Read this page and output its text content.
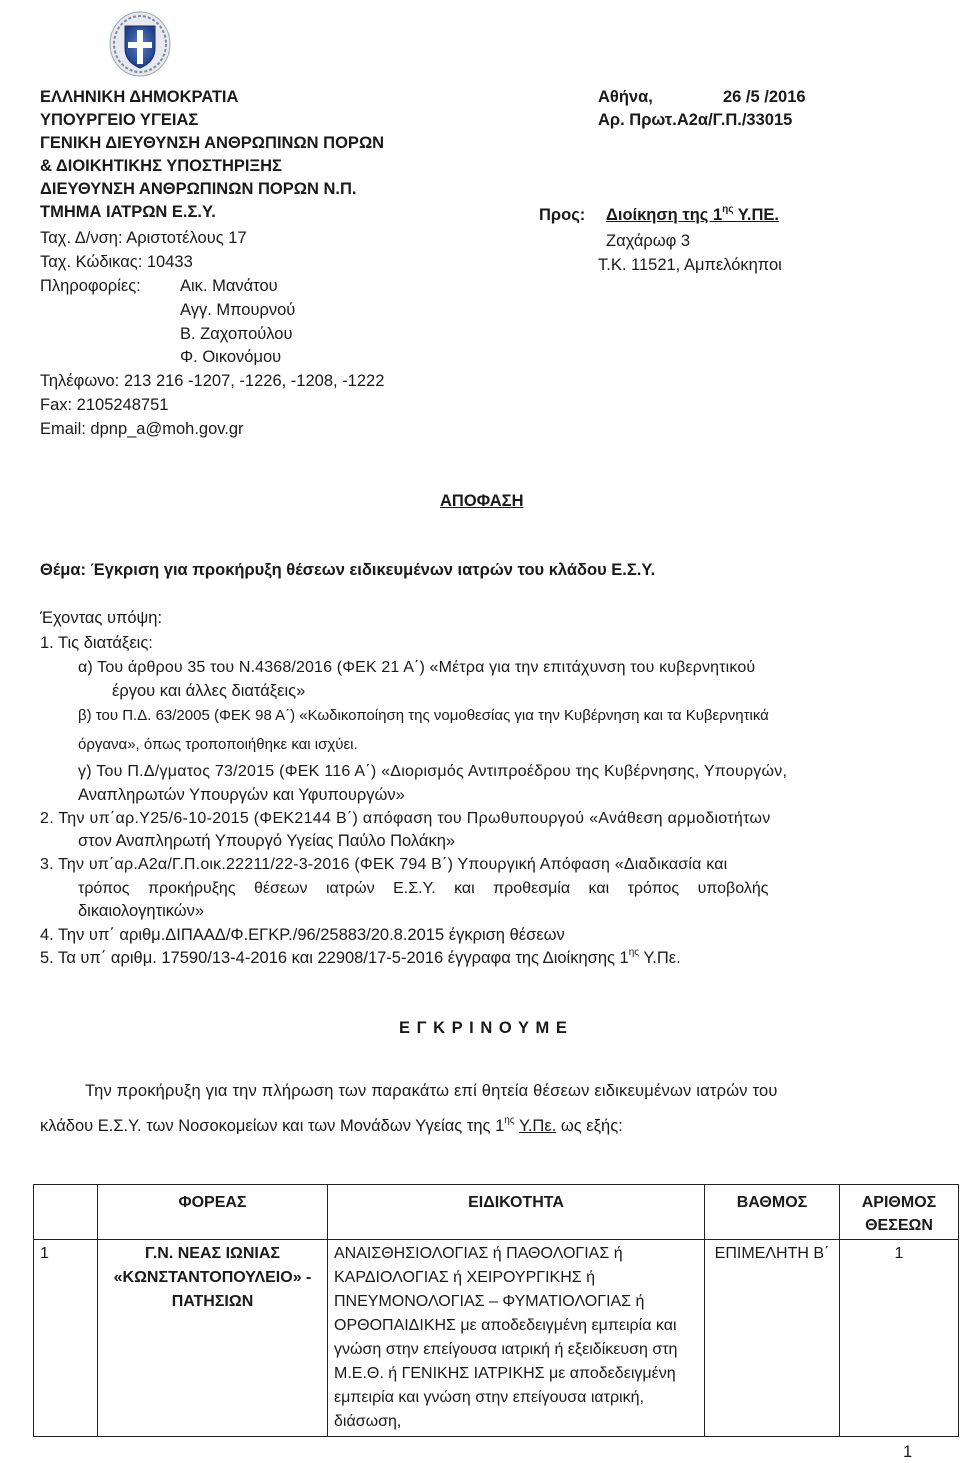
ΕΛΛΗΝΙΚΗ ΔΗΜΟΚΡΑΤΙΑ
ΥΠΟΥΡΓΕΙΟ ΥΓΕΙΑΣ
ΓΕΝΙΚΗ ΔΙΕΥΘΥΝΣΗ ΑΝΘΡΩΠΙΝΩΝ ΠΟΡΩΝ
& ΔΙΟΙΚΗΤΙΚΗΣ ΥΠΟΣΤΗΡΙΞΗΣ
ΔΙΕΥΘΥΝΣΗ ΑΝΘΡΩΠΙΝΩΝ ΠΟΡΩΝ Ν.Π.
ΤΜΗΜΑ ΙΑΤΡΩΝ Ε.Σ.Υ.
Ταχ. Δ/νση: Αριστοτέλους 17
Ταχ. Κώδικας: 10433
Πληροφορίες: Αικ. Μανάτου
Αγγ. Μπουρνού
Β. Ζαχοπούλου
Φ. Οικονόμου
Τηλέφωνο: 213 216 -1207, -1226, -1208, -1222
Fax: 2105248751
Email: dpnp_a@moh.gov.gr
Αθήνα,	26 /5 /2016
Αρ. Πρωτ.Α2α/Γ.Π./33015
Προς: Διοίκηση της $1^{\eta\varsigma}$ Υ.ΠΕ.
Ζαχάρωφ 3
Τ.Κ. 11521, Αμπελόκηποι
ΑΠΟΦΑΣΗ
Θέμα: Έγκριση για προκήρυξη θέσεων ειδικευμένων ιατρών του κλάδου Ε.Σ.Υ.
Έχοντας υπόψη:
1. Τις διατάξεις:
α) Του άρθρου 35 του Ν.4368/2016 (ΦΕΚ 21 Α΄) «Μέτρα για την επιτάχυνση του κυβερνητικού
έργου και άλλες διατάξεις»
β) του Π.Δ. 63/2005 (ΦΕΚ 98 Α΄) «Κωδικοποίηση της νομοθεσίας για την Κυβέρνηση και τα Κυβερνητικά
όργανα», όπως τροποποιήθηκε και ισχύει.
γ) Του Π.Δ/γματος 73/2015 (ΦΕΚ 116 Α΄) «Διορισμός Αντιπροέδρου της Κυβέρνησης, Υπουργών,
Αναπληρωτών Υπουργών και Υφυπουργών»
2. Την υπ΄αρ.Υ25/6-10-2015 (ΦΕΚ2144 Β΄) απόφαση του Πρωθυπουργού «Ανάθεση αρμοδιοτήτων
στον Αναπληρωτή Υπουργό Υγείας Παύλο Πολάκη»
3. Την υπ΄αρ.Α2α/Γ.Π.οικ.22211/22-3-2016 (ΦΕΚ 794 Β΄) Υπουργική Απόφαση «Διαδικασία και
τρόπος προκήρυξης θέσεων ιατρών Ε.Σ.Υ. και προθεσμία και τρόπος υποβολής
δικαιολογητικών»
4. Την υπ΄ αριθμ.ΔΙΠΑΑΔ/Φ.ΕΓΚΡ./96/25883/20.8.2015 έγκριση θέσεων
5. Τα υπ΄ αριθμ. 17590/13-4-2016 και 22908/17-5-2016 έγγραφα της Διοίκησης $1^{\eta\varsigma}$ Υ.Πε.
Ε Γ Κ Ρ Ι Ν Ο Υ Μ Ε
Την προκήρυξη για την πλήρωση των παρακάτω επί θητεία θέσεων ειδικευμένων ιατρών του
κλάδου Ε.Σ.Υ. των Νοσοκομείων και των Μονάδων Υγείας της $1^{\eta\varsigma}$ Υ.Πε. ως εξής:
	ΦΟΡΕΑΣ	ΕΙΔΙΚΟΤΗΤΑ	ΒΑΘΜΟΣ	ΑΡΙΘΜΟΣ ΘΕΣΕΩΝ
1	Γ.Ν. ΝΕΑΣ ΙΩΝΙΑΣ «ΚΩΝΣΤΑΝΤΟΠΟΥΛΕΙΟ» - ΠΑΤΗΣΙΩΝ	ΑΝΑΙΣΘΗΣΙΟΛΟΓΙΑΣ ή ΠΑΘΟΛΟΓΙΑΣ ή ΚΑΡΔΙΟΛΟΓΙΑΣ ή ΧΕΙΡΟΥΡΓΙΚΗΣ ή ΠΝΕΥΜΟΝΟΛΟΓΙΑΣ – ΦΥΜΑΤΙΟΛΟΓΙΑΣ ή ΟΡΘΟΠΑΙΔΙΚΗΣ με αποδεδειγμένη εμπειρία και γνώση στην επείγουσα ιατρική ή εξειδίκευση στη Μ.Ε.Θ. ή ΓΕΝΙΚΗΣ ΙΑΤΡΙΚΗΣ με αποδεδειγμένη εμπειρία και γνώση στην επείγουσα ιατρική, διάσωση,	ΕΠΙΜΕΛΗΤΗ Β΄	1
1
